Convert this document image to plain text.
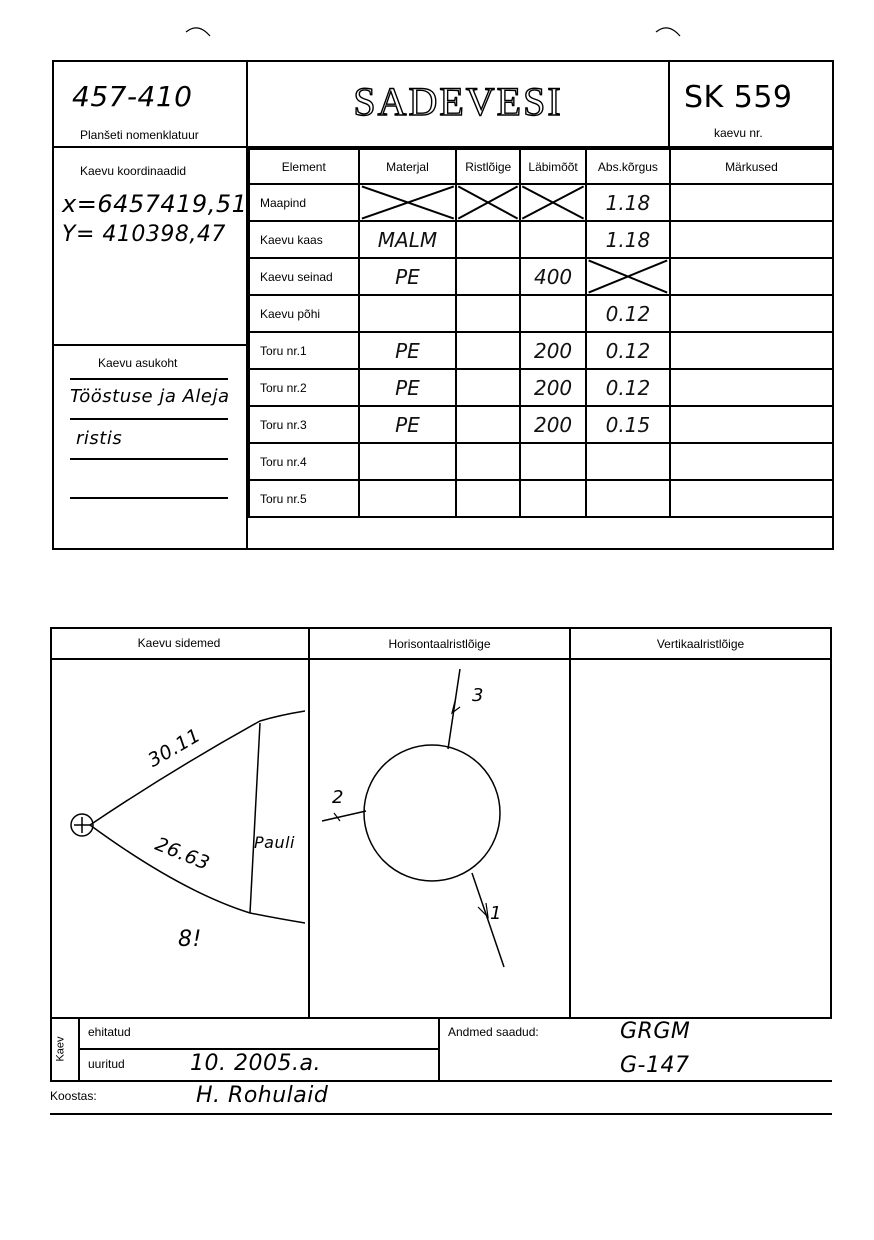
457-410
Planšeti nomenklatuur
SADEVESI	SK 559
kaevu nr.
Kaevu koordinaadid
x=6457419,51
Y= 410398,47
Kaevu asukoht
Tööstuse ja Aleja
ristis
Element	Materjal	Ristlõige	Läbimõõt	Abs.kõrgus	Märkused
Maapind				1.18	
Kaevu kaas	MALM			1.18	
Kaevu seinad	PE		400	

Kaevu põhi				0.12	
Toru nr.1	PE		200	0.12	
Toru nr.2	PE		200	0.12	
Toru nr.3	PE		200	0.15	
Toru nr.4					
Toru nr.5					
Kaevu sidemed	Horisontaalristlõige	Vertikaalristlõige
30.11
26.63	Pauli
8!
3
2
1
Kaev
ehitatud
uuritud	10. 2005.a.
Andmed saadud:	GRGM
G-147
Koostas:	H. Rohulaid
